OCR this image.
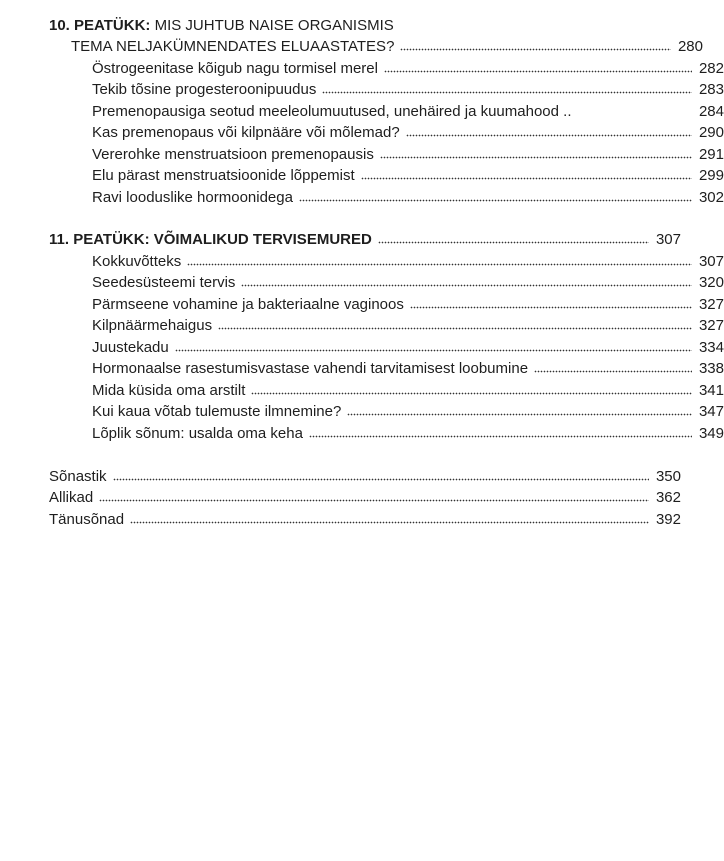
10. PEATÜKK: MIS JUHTUB NAISE ORGANISMIS
TEMA NELJAKÜMNENDATES ELUAASTATES?	280
Östrogeenitase kõigub nagu tormisel merel	282
Tekib tõsine progesteroonipuudus	283
Premenopausiga seotud meeleolumuutused, unehäired ja kuumahood ..	284
Kas premenopaus või kilpnääre või mõlemad?	290
Vererohke menstruatsioon premenopausis	291
Elu pärast menstruatsioonide lõppemist	299
Ravi looduslike hormoonidega	302
11. PEATÜKK: VÕIMALIKUD TERVISEMURED	307
Kokkuvõtteks	307
Seedesüsteemi tervis	320
Pärmseene vohamine ja bakteriaalne vaginoos	327
Kilpnäärmehaigus	327
Juustekadu	334
Hormonaalse rasestumisvastase vahendi tarvitamisest loobumine	338
Mida küsida oma arstilt	341
Kui kaua võtab tulemuste ilmnemine?	347
Lõplik sõnum: usalda oma keha	349
Sõnastik	350
Allikad	362
Tänusõnad	392
